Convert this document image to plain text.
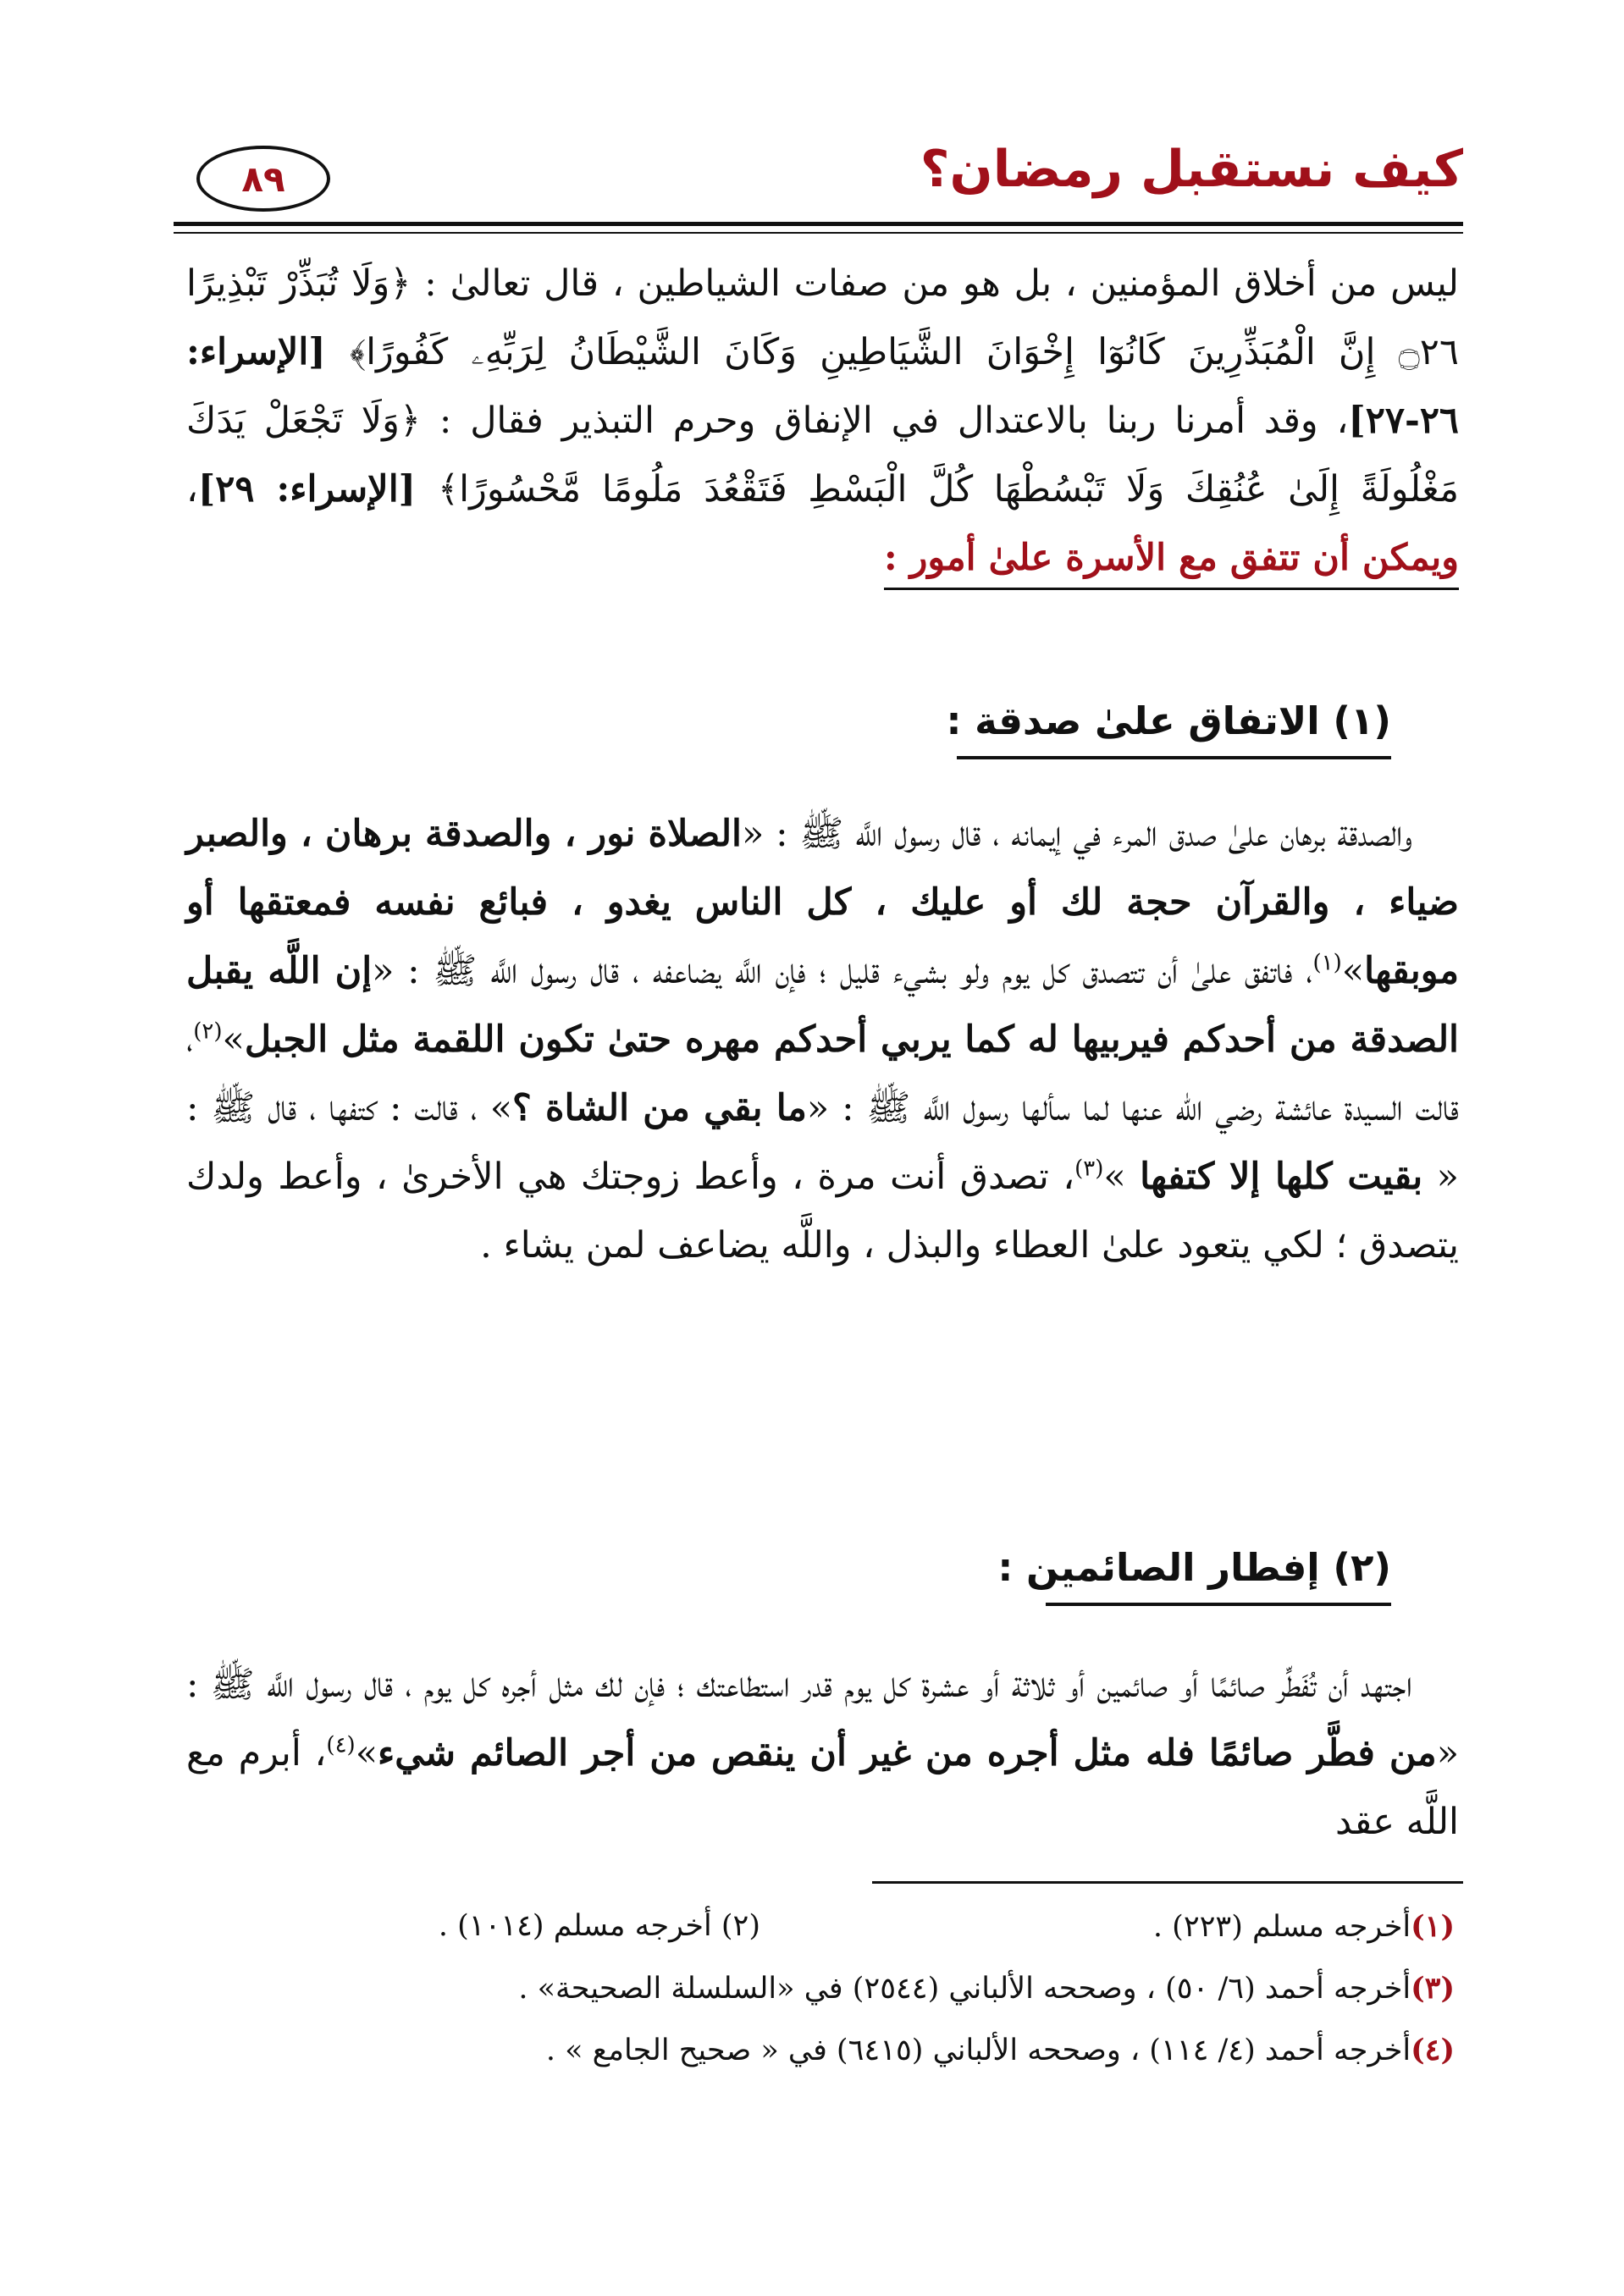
كيف نستقبل رمضان؟
٨٩
ليس من أخلاق المؤمنين ، بل هو من صفات الشياطين ، قال تعالىٰ : ﴿وَلَا تُبَذِّرْ تَبْذِيرًا ۝٢٦ إِنَّ الْمُبَذِّرِينَ كَانُوٓا إِخْوَانَ الشَّيَاطِينِ وَكَانَ الشَّيْطَانُ لِرَبِّهِۦ كَفُورًا﴾ [الإسراء: ٢٦-٢٧]، وقد أمرنا ربنا بالاعتدال في الإنفاق وحرم التبذير فقال : ﴿وَلَا تَجْعَلْ يَدَكَ مَغْلُولَةً إِلَىٰ عُنُقِكَ وَلَا تَبْسُطْهَا كُلَّ الْبَسْطِ فَتَقْعُدَ مَلُومًا مَّحْسُورًا﴾ [الإسراء: ٢٩]، ويمكن أن تتفق مع الأسرة علىٰ أمور :
(١) الاتفاق علىٰ صدقة :
والصدقة برهان علىٰ صدق المرء في إيمانه ، قال رسول اللَّه ﷺ : «الصلاة نور ، والصدقة برهان ، والصبر ضياء ، والقرآن حجة لك أو عليك ، كل الناس يغدو ، فبائع نفسه فمعتقها أو موبقها»$^{(١)}$، فاتفق علىٰ أن تتصدق كل يوم ولو بشيء قليل ؛ فإن اللَّه يضاعفه ، قال رسول اللَّه ﷺ : «إن اللَّه يقبل الصدقة من أحدكم فيربيها له كما يربي أحدكم مهره حتىٰ تكون اللقمة مثل الجبل»$^{(٢)}$، قالت السيدة عائشة رضي الله عنها لما سألها رسول اللَّه ﷺ : «ما بقي من الشاة ؟» ، قالت : كتفها ، قال ﷺ : « بقيت كلها إلا كتفها »$^{(٣)}$، تصدق أنت مرة ، وأعط زوجتك هي الأخرىٰ ، وأعط ولدك يتصدق ؛ لكي يتعود علىٰ العطاء والبذل ، واللَّه يضاعف لمن يشاء .
(٢) إفطار الصائمين :
اجتهد أن تُفَطِّر صائمًا أو صائمين أو ثلاثة أو عشرة كل يوم قدر استطاعتك ؛ فإن لك مثل أجره كل يوم ، قال رسول اللَّه ﷺ : «من فطَّر صائمًا فله مثل أجره من غير أن ينقص من أجر الصائم شيء»$^{(٤)}$، أبرم مع اللَّه عقد
(١)أخرجه مسلم (٢٢٣) .
(٢) أخرجه مسلم (١٠١٤) .
(٣)أخرجه أحمد (٦/ ٥٠) ، وصححه الألباني (٢٥٤٤) في «السلسلة الصحيحة» .
(٤)أخرجه أحمد (٤/ ١١٤) ، وصححه الألباني (٦٤١٥) في « صحيح الجامع » .
